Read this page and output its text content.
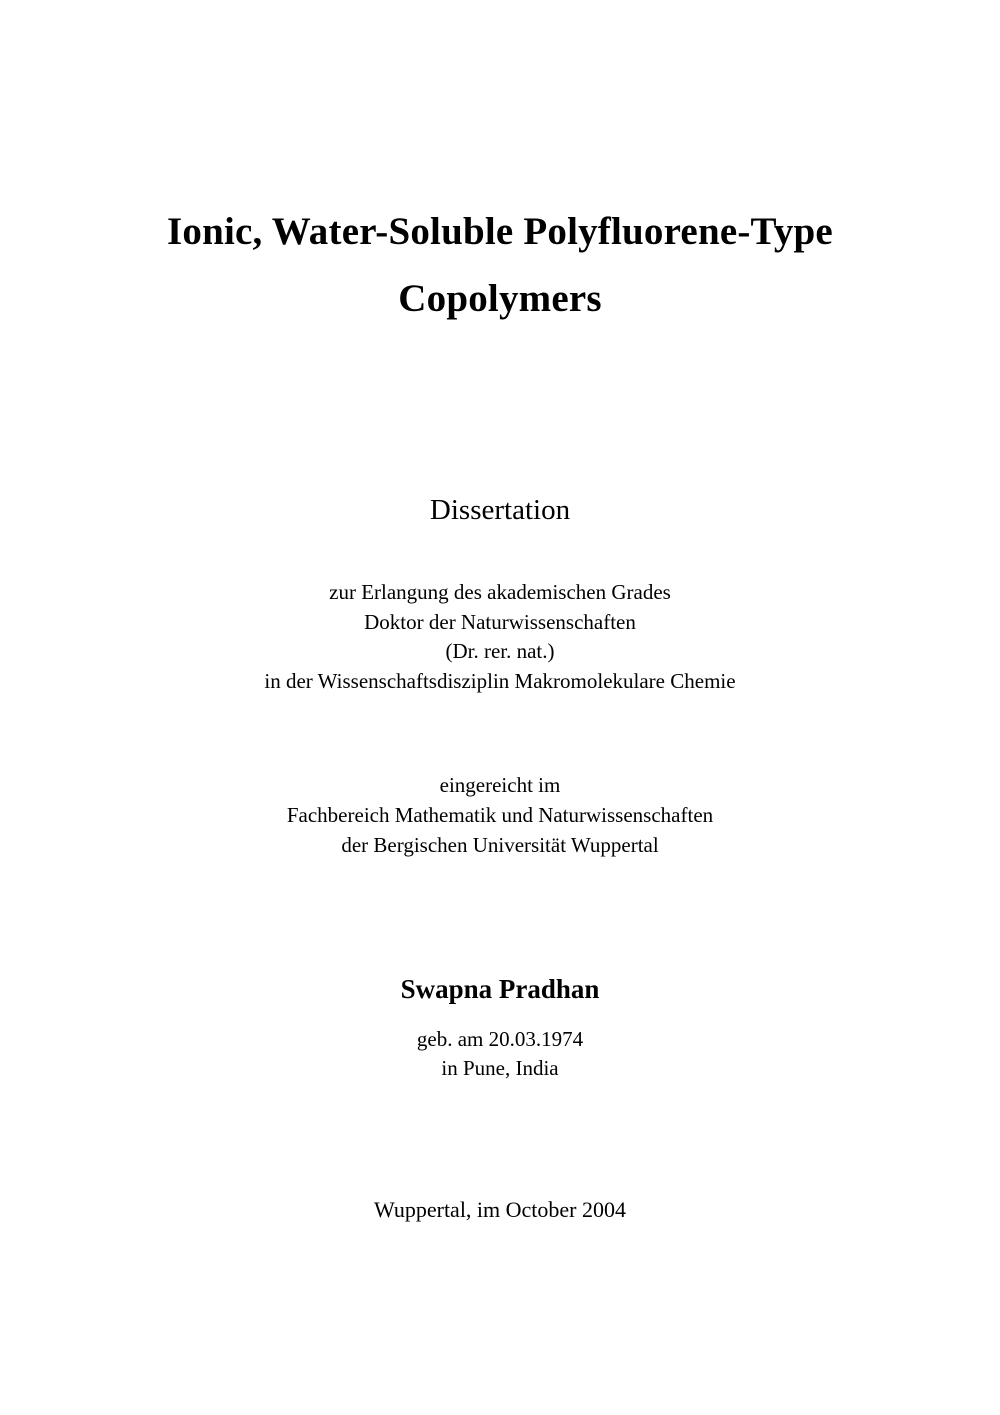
Ionic, Water-Soluble Polyfluorene-Type
Copolymers
Dissertation
zur Erlangung des akademischen Grades
Doktor der Naturwissenschaften
(Dr. rer. nat.)
in der Wissenschaftsdisziplin Makromolekulare Chemie
eingereicht im
Fachbereich Mathematik und Naturwissenschaften
der Bergischen Universität Wuppertal
Swapna Pradhan
geb. am 20.03.1974
in Pune, India
Wuppertal, im October 2004
